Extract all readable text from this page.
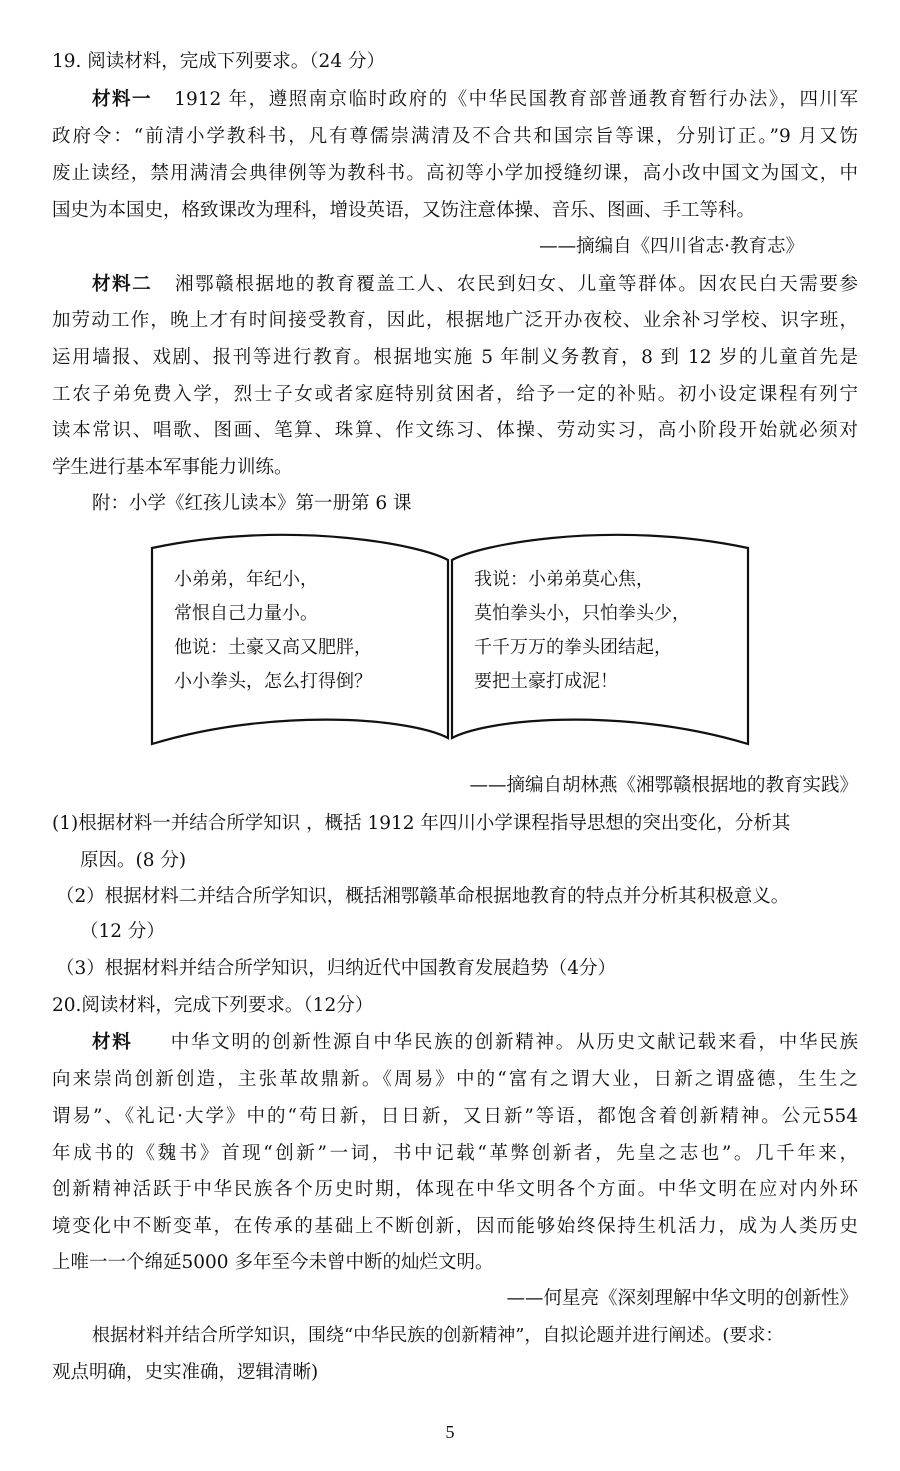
19. 阅读材料，完成下列要求。（24 分）
材料一 1912 年，遵照南京临时政府的《中华民国教育部普通教育暂行办法》，四川军
政府令：“前清小学教科书，凡有尊儒崇满清及不合共和国宗旨等课，分别订正。”9 月又饬
废止读经，禁用满清会典律例等为教科书。高初等小学加授缝纫课，高小改中国文为国文，中
国史为本国史，格致课改为理科，增设英语，又饬注意体操、音乐、图画、手工等科。
——摘编自《四川省志·教育志》
材料二 湘鄂赣根据地的教育覆盖工人、农民到妇女、儿童等群体。因农民白天需要参
加劳动工作，晚上才有时间接受教育，因此，根据地广泛开办夜校、业余补习学校、识字班，
运用墙报、戏剧、报刊等进行教育。根据地实施 5 年制义务教育，8 到 12 岁的儿童首先是
工农子弟免费入学，烈士子女或者家庭特别贫困者，给予一定的补贴。初小设定课程有列宁
读本常识、唱歌、图画、笔算、珠算、作文练习、体操、劳动实习，高小阶段开始就必须对
学生进行基本军事能力训练。
附：小学《红孩儿读本》第一册第 6 课
小弟弟，年纪小，
常恨自己力量小。
他说：土豪又高又肥胖，
小小拳头，怎么打得倒？
我说：小弟弟莫心焦，
莫怕拳头小，只怕拳头少，
千千万万的拳头团结起，
要把土豪打成泥！
——摘编自胡林燕《湘鄂赣根据地的教育实践》
(1)根据材料一并结合所学知识 ，概括 1912 年四川小学课程指导思想的突出变化，分析其
原因。(8 分)
（2）根据材料二并结合所学知识，概括湘鄂赣革命根据地教育的特点并分析其积极意义。
（12 分）
（3）根据材料并结合所学知识，归纳近代中国教育发展趋势（4分）
20.阅读材料，完成下列要求。（12分）
材料 中华文明的创新性源自中华民族的创新精神。从历史文献记载来看，中华民族
向来崇尚创新创造，主张革故鼎新。《周易》中的“富有之谓大业，日新之谓盛德，生生之
谓易”、《礼记·大学》中的“苟日新，日日新，又日新”等语，都饱含着创新精神。公元554
年成书的《魏书》首现“创新”一词，书中记载“革弊创新者，先皇之志也”。几千年来，
创新精神活跃于中华民族各个历史时期，体现在中华文明各个方面。中华文明在应对内外环
境变化中不断变革，在传承的基础上不断创新，因而能够始终保持生机活力，成为人类历史
上唯一一个绵延5000 多年至今未曾中断的灿烂文明。
——何星亮《深刻理解中华文明的创新性》
根据材料并结合所学知识，围绕“中华民族的创新精神”，自拟论题并进行阐述。(要求：
观点明确，史实准确，逻辑清晰)
5
